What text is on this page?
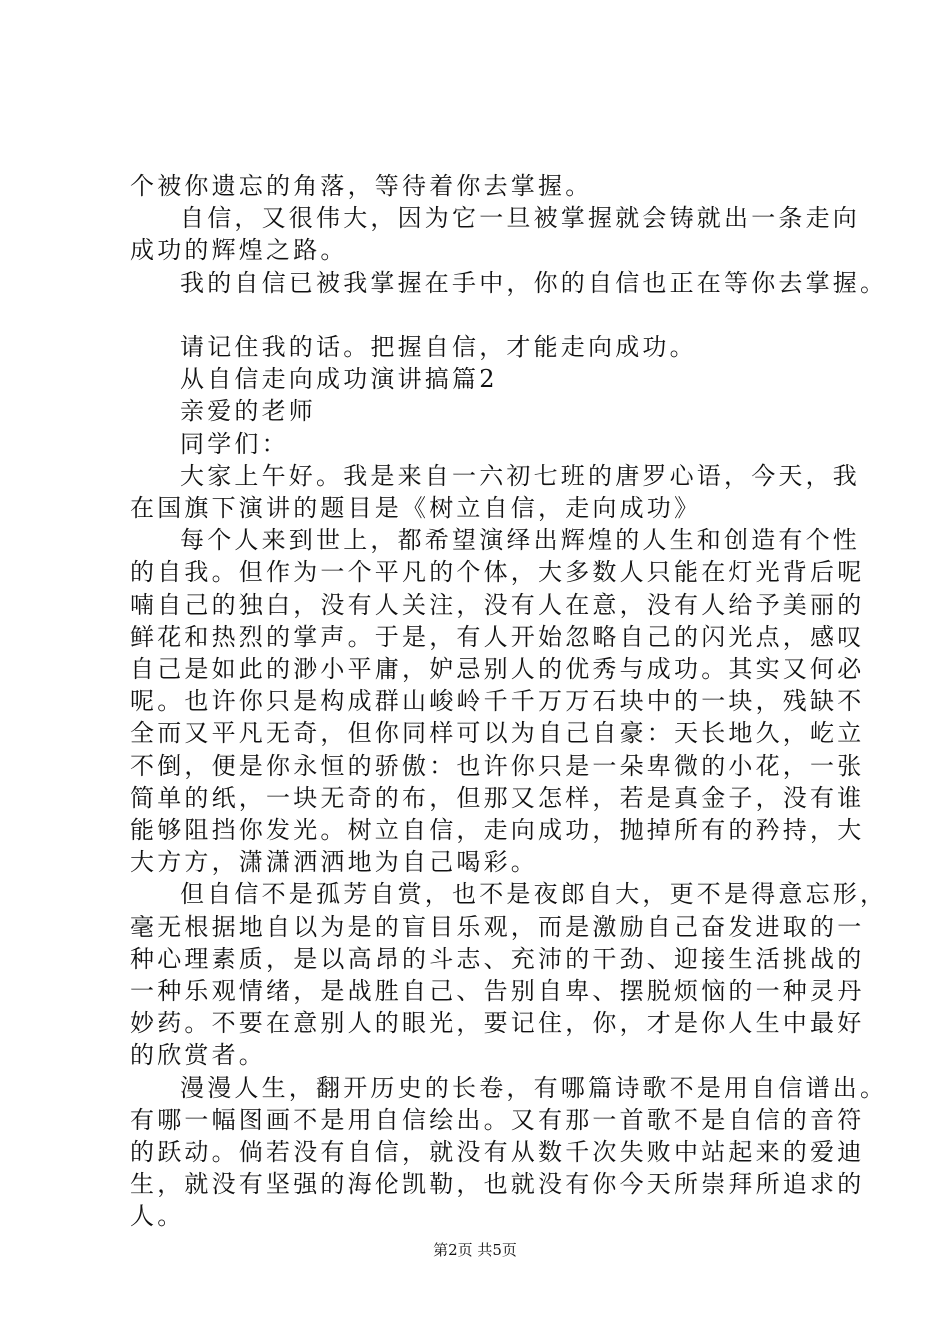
个被你遗忘的角落，等待着你去掌握。
自信，又很伟大，因为它一旦被掌握就会铸就出一条走向
成功的辉煌之路。
我的自信已被我掌握在手中，你的自信也正在等你去掌握。
请记住我的话。把握自信，才能走向成功。
从自信走向成功演讲搞篇2
亲爱的老师
同学们：
大家上午好。我是来自一六初七班的唐罗心语，今天，我
在国旗下演讲的题目是《树立自信，走向成功》
每个人来到世上，都希望演绎出辉煌的人生和创造有个性
的自我。但作为一个平凡的个体，大多数人只能在灯光背后呢
喃自己的独白，没有人关注，没有人在意，没有人给予美丽的
鲜花和热烈的掌声。于是，有人开始忽略自己的闪光点，感叹
自己是如此的渺小平庸，妒忌别人的优秀与成功。其实又何必
呢。也许你只是构成群山峻岭千千万万石块中的一块，残缺不
全而又平凡无奇，但你同样可以为自己自豪：天长地久，屹立
不倒，便是你永恒的骄傲：也许你只是一朵卑微的小花，一张
简单的纸，一块无奇的布，但那又怎样，若是真金子，没有谁
能够阻挡你发光。树立自信，走向成功，抛掉所有的矜持，大
大方方，潇潇洒洒地为自己喝彩。
但自信不是孤芳自赏，也不是夜郎自大，更不是得意忘形，
毫无根据地自以为是的盲目乐观，而是激励自己奋发进取的一
种心理素质，是以高昂的斗志、充沛的干劲、迎接生活挑战的
一种乐观情绪，是战胜自己、告别自卑、摆脱烦恼的一种灵丹
妙药。不要在意别人的眼光，要记住，你，才是你人生中最好
的欣赏者。
漫漫人生，翻开历史的长卷，有哪篇诗歌不是用自信谱出。
有哪一幅图画不是用自信绘出。又有那一首歌不是自信的音符
的跃动。倘若没有自信，就没有从数千次失败中站起来的爱迪
生，就没有坚强的海伦凯勒，也就没有你今天所崇拜所追求的
人。
第2页 共5页
